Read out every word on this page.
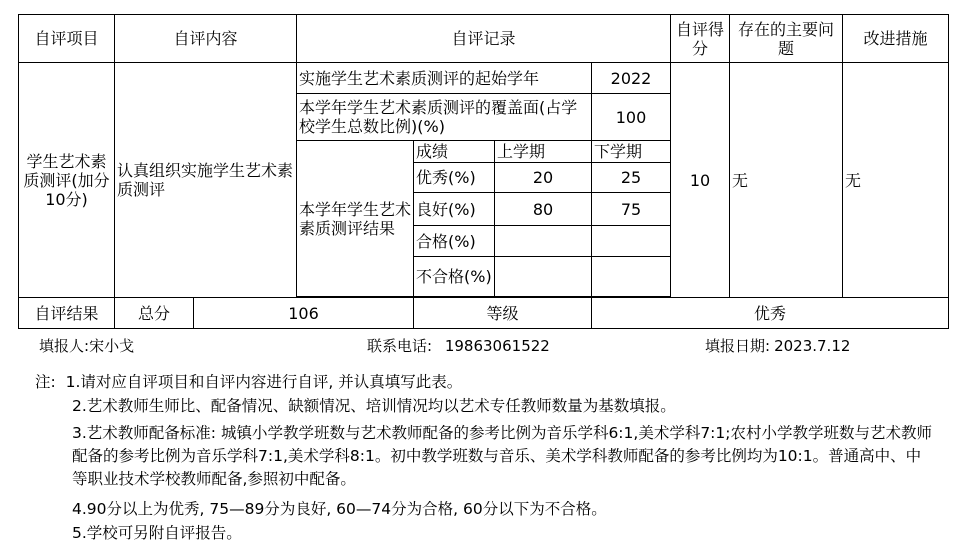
自评项目	自评内容		自评记录				自评得分	存在的主要问题	改进措施
学生艺术素质测评(加分10分)	认真组织实施学生艺术素质测评		实施学生艺术素质测评的起始学年			2022	10	无	无
			本学年学生艺术素质测评的覆盖面(占学校学生总数比例)(%)			100			
			本学年学生艺术素质测评结果	成绩	上学期	下学期			
				优秀(%)	20	25			
				良好(%)	80	75			
				合格(%)					
				不合格(%)					

自评结果	总分	106		等级		优秀			
填报人:宋小戈	联系电话: 19863061522	填报日期: 2023.7.12

注: 1.请对应自评项目和自评内容进行自评, 并认真填写此表。

2.艺术教师生师比、配备情况、缺额情况、培训情况均以艺术专任教师数量为基数填报。

3.艺术教师配备标准: 城镇小学教学班数与艺术教师配备的参考比例为音乐学科6:1,美术学科7:1;农村小学教学班数与艺术教师配备的参考比例为音乐学科7:1,美术学科8:1。初中教学班数与音乐、美术学科教师配备的参考比例均为10:1。普通高中、中等职业技术学校教师配备,参照初中配备。

4.90分以上为优秀, 75—89分为良好, 60—74分为合格, 60分以下为不合格。

5.学校可另附自评报告。
